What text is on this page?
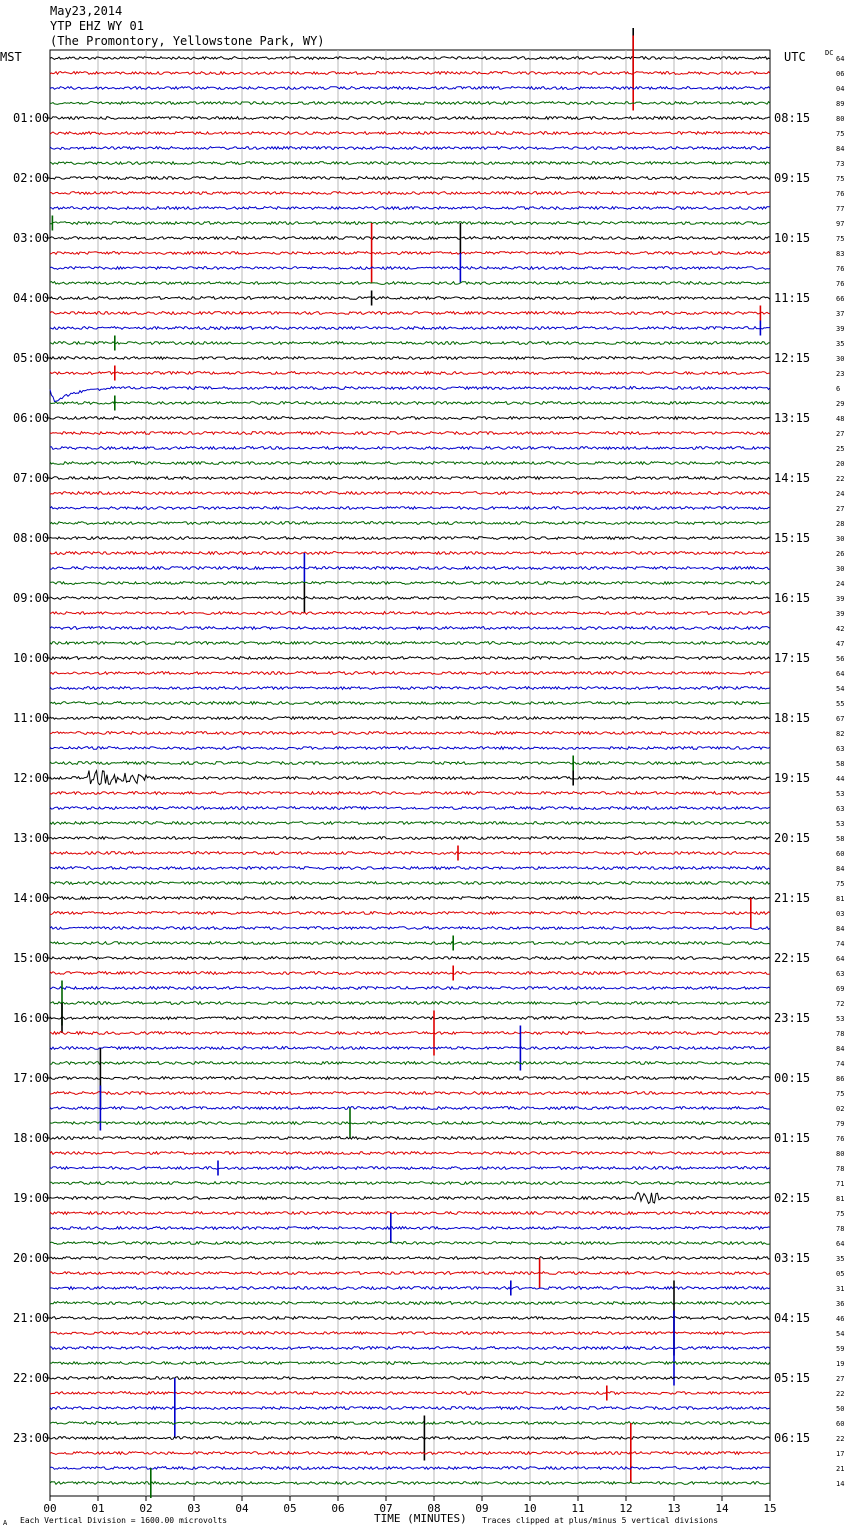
May23,2014
YTP EHZ WY 01
(The Promontory, Yellowstone Park, WY)
MST	UTC	DC
01:00
02:00
03:00
04:00
05:00
06:00
07:00
08:00
09:00
10:00
11:00
12:00
13:00
14:00
15:00
16:00
17:00
18:00
19:00
20:00
21:00
22:00
23:00
08:15
09:15
10:15
11:15
12:15
13:15
14:15
15:15
16:15
17:15
18:15
19:15
20:15
21:15
22:15
23:15
00:15
01:15
02:15
03:15
04:15
05:15
06:15
64
06
04
89
80
75
84
73
75
76
77
97
75
83
76
76
66
37
39
35
30
23
6
29
48
27
25
20
22
24
27
28
30
26
30
24
39
39
42
47
56
64
54
55
67
82
63
58
44
53
63
53
58
60
84
75
81
03
84
74
64
63
69
72
53
78
84
74
86
75
02
79
76
80
78
71
81
75
78
64
35
05
31
36
46
54
59
19
27
22
50
60
22
17
21
14
00	01	02	03	04	05	06	07	08	09	10	11	12	13	14	15
TIME (MINUTES)
A Each Vertical Division = 1600.00 microvolts	Traces clipped at plus/minus 5 vertical divisions
